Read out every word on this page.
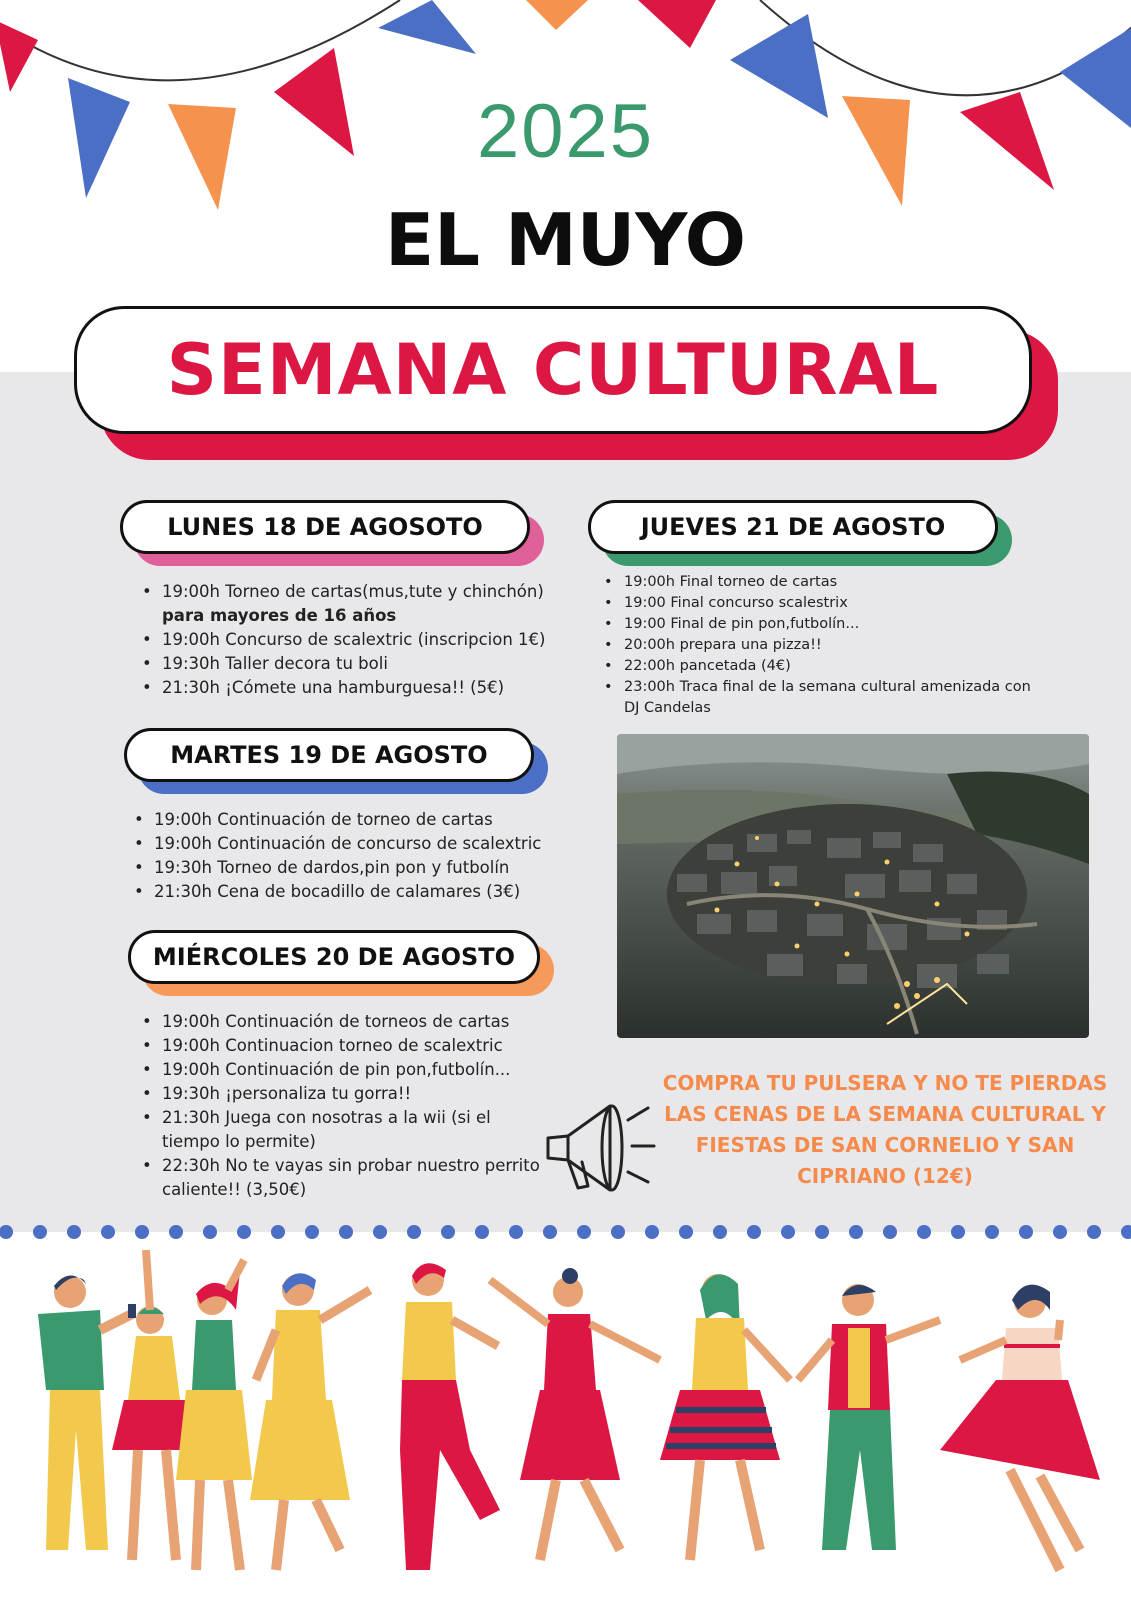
2025
EL MUYO
SEMANA CULTURAL
LUNES 18 DE AGOSOTO
• 19:00h Torneo de cartas(mus,tute y chinchón)
para mayores de 16 años
• 19:00h Concurso de scalextric (inscripcion 1€)
• 19:30h Taller decora tu boli
• 21:30h ¡Cómete una hamburguesa!! (5€)
MARTES 19 DE AGOSTO
• 19:00h Continuación de torneo de cartas
• 19:00h Continuación de concurso de scalextric
• 19:30h Torneo de dardos,pin pon y futbolín
• 21:30h Cena de bocadillo de calamares (3€)
MIÉRCOLES 20 DE AGOSTO
• 19:00h Continuación de torneos de cartas
• 19:00h Continuacion torneo de scalextric
• 19:00h Continuación de pin pon,futbolín...
• 19:30h ¡personaliza tu gorra!!
• 21:30h Juega con nosotras a la wii (si el tiempo lo permite)
• 22:30h No te vayas sin probar nuestro perrito caliente!! (3,50€)
JUEVES 21 DE AGOSTO
• 19:00h Final torneo de cartas
• 19:00 Final concurso scalestrix
• 19:00 Final de pin pon,futbolín...
• 20:00h prepara una pizza!!
• 22:00h pancetada (4€)
• 23:00h Traca final de la semana cultural amenizada con DJ Candelas
COMPRA TU PULSERA Y NO TE PIERDAS LAS CENAS DE LA SEMANA CULTURAL Y FIESTAS DE SAN CORNELIO Y SAN CIPRIANO (12€)
